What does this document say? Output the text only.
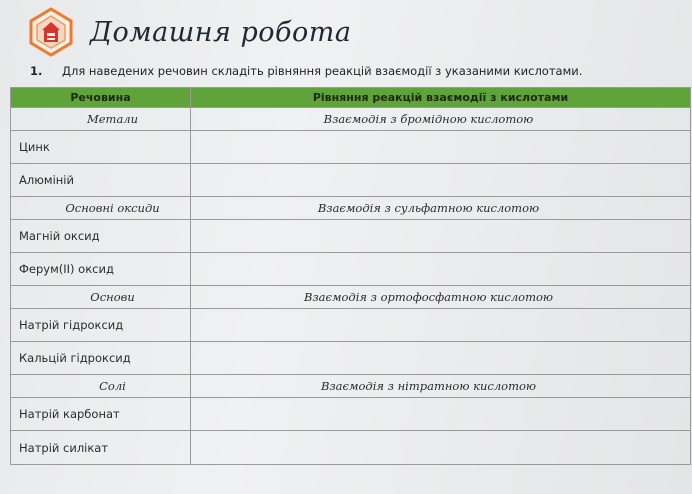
Домашня робота
1.	Для наведених речовин складіть рівняння реакцій взаємодії з указаними кислотами.
Речовина	Рівняння реакцій взаємодії з кислотами
Метали	Взаємодія з бромідною кислотою
Цинк	
Алюміній	
Основні оксиди	Взаємодія з сульфатною кислотою
Магній оксид	
Ферум(ІІ) оксид	
Основи	Взаємодія з ортофосфатною кислотою
Натрій гідроксид	
Кальцій гідроксид	
Солі	Взаємодія з нітратною кислотою
Натрій карбонат	
Натрій силікат	
